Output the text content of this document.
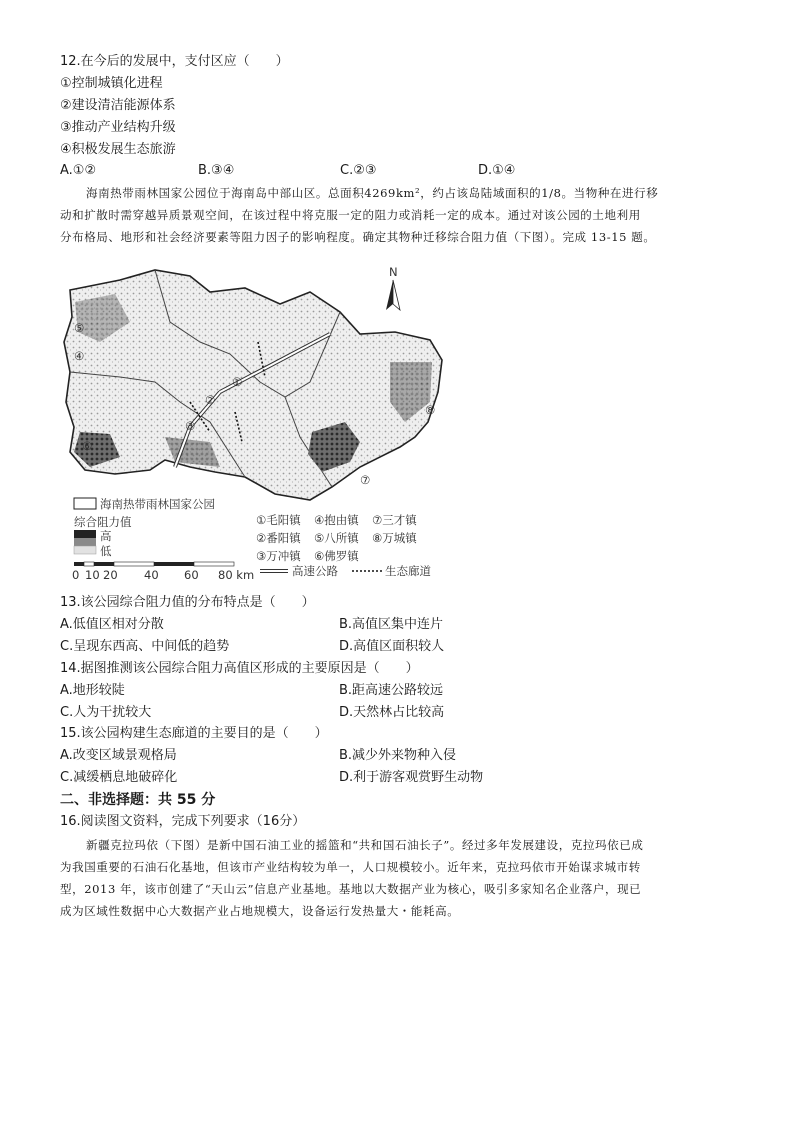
12.在今后的发展中，支付区应（　　）
①控制城镇化进程
②建设清洁能源体系
③推动产业结构升级
④积极发展生态旅游
A.①②	B.③④	C.②③	D.①④
海南热带雨林国家公园位于海南岛中部山区。总面积4269km²，约占该岛陆域面积的1/8。当物种在进行移
动和扩散时需穿越异质景观空间，在该过程中将克服一定的阻力或消耗一定的成本。通过对该公园的土地利用
分布格局、地形和社会经济要素等阻力因子的影响程度。确定其物种迁移综合阻力值（下图）。完成 13-15 题。
①
②
③
④
⑤
⑥
⑦
⑧
N
海南热带雨林国家公园
综合阻力值
高
低
0 10 20 40 60 80 km
①毛阳镇 ④抱由镇 ⑦三才镇
②番阳镇 ⑤八所镇 ⑧万城镇
③万冲镇 ⑥佛罗镇
高速公路	生态廊道
13.该公园综合阻力值的分布特点是（　　）
A.低值区相对分散	B.高值区集中连片
C.呈现东西高、中间低的趋势	D.高值区面积较人
14.据图推测该公园综合阻力高值区形成的主要原因是（　　）
A.地形较陡	B.距高速公路较远
C.人为干扰较大	D.天然林占比较高
15.该公园构建生态廊道的主要目的是（　　）
A.改变区域景观格局	B.减少外来物种入侵
C.减缓栖息地破碎化	D.利于游客观赏野生动物
二、非选择题：共 55 分
16.阅读图文资料，完成下列要求（16分）
新疆克拉玛依（下图）是新中国石油工业的摇篮和“共和国石油长子”。经过多年发展建设，克拉玛依已成
为我国重要的石油石化基地，但该市产业结构较为单一，人口规模较小。近年来，克拉玛依市开始谋求城市转
型，2013 年，该市创建了“天山云”信息产业基地。基地以大数据产业为核心，吸引多家知名企业落户，现已
成为区域性数据中心大数据产业占地规模大，设备运行发热量大・能耗高。
